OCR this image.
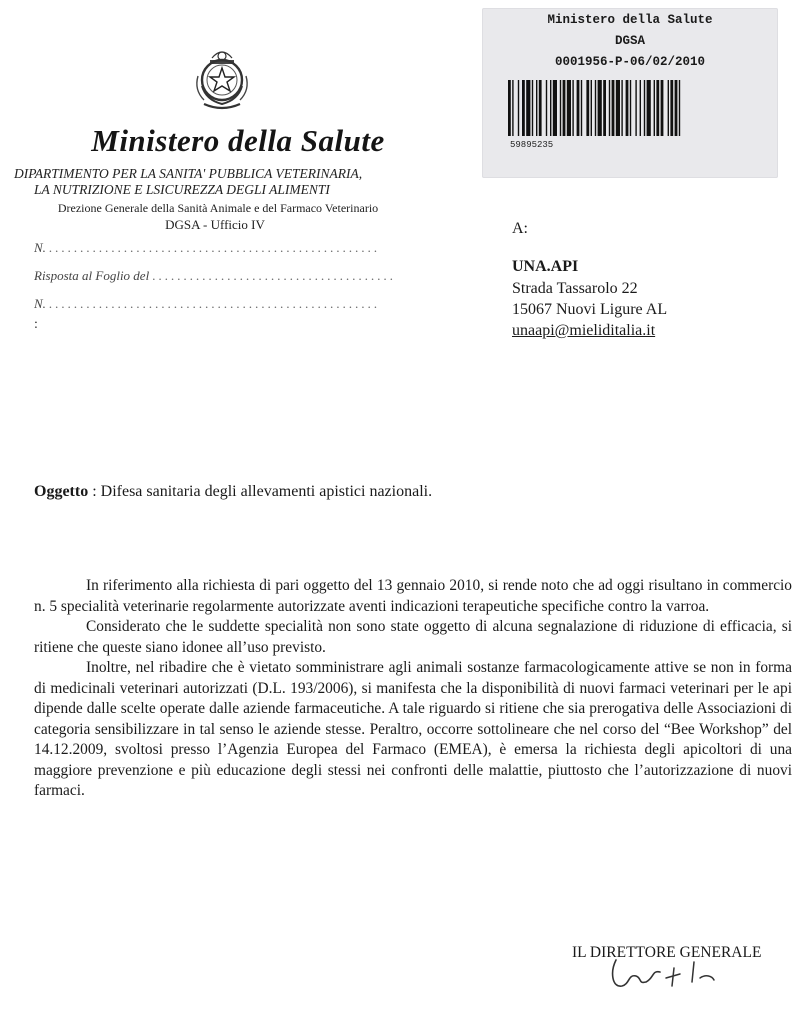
Ministero della Salute
DIPARTIMENTO PER LA SANITA' PUBBLICA VETERINARIA,
LA NUTRIZIONE E LSICUREZZA DEGLI ALIMENTI
Drezione Generale della Sanità Animale e del Farmaco Veterinario
DGSA - Ufficio IV
N. .....................................................
Risposta al Foglio del .......................................
N. .....................................................
:
Ministero della Salute
DGSA
0001956-P-06/02/2010
59895235
A:
UNA.API
Strada Tassarolo 22
15067 Nuovi Ligure AL
unaapi@mieliditalia.it
Oggetto : Difesa sanitaria degli allevamenti apistici nazionali.

In riferimento alla richiesta di pari oggetto del 13 gennaio 2010, si rende noto che ad oggi risultano in commercio n. 5 specialità veterinarie regolarmente autorizzate aventi indicazioni terapeutiche specifiche contro la varroa.

Considerato che le suddette specialità non sono state oggetto di alcuna segnalazione di riduzione di efficacia, si ritiene che queste siano idonee all’uso previsto.

Inoltre, nel ribadire che è vietato somministrare agli animali sostanze farmacologicamente attive se non in forma di medicinali veterinari autorizzati (D.L. 193/2006), si manifesta che la disponibilità di nuovi farmaci veterinari per le api dipende dalle scelte operate dalle aziende farmaceutiche. A tale riguardo si ritiene che sia prerogativa delle Associazioni di categoria sensibilizzare in tal senso le aziende stesse. Peraltro, occorre sottolineare che nel corso del “Bee Workshop” del 14.12.2009, svoltosi presso l’Agenzia Europea del Farmaco (EMEA), è emersa la richiesta degli apicoltori di una maggiore prevenzione e più educazione degli stessi nei confronti delle malattie, piuttosto che l’autorizzazione di nuovi farmaci.

IL DIRETTORE GENERALE
